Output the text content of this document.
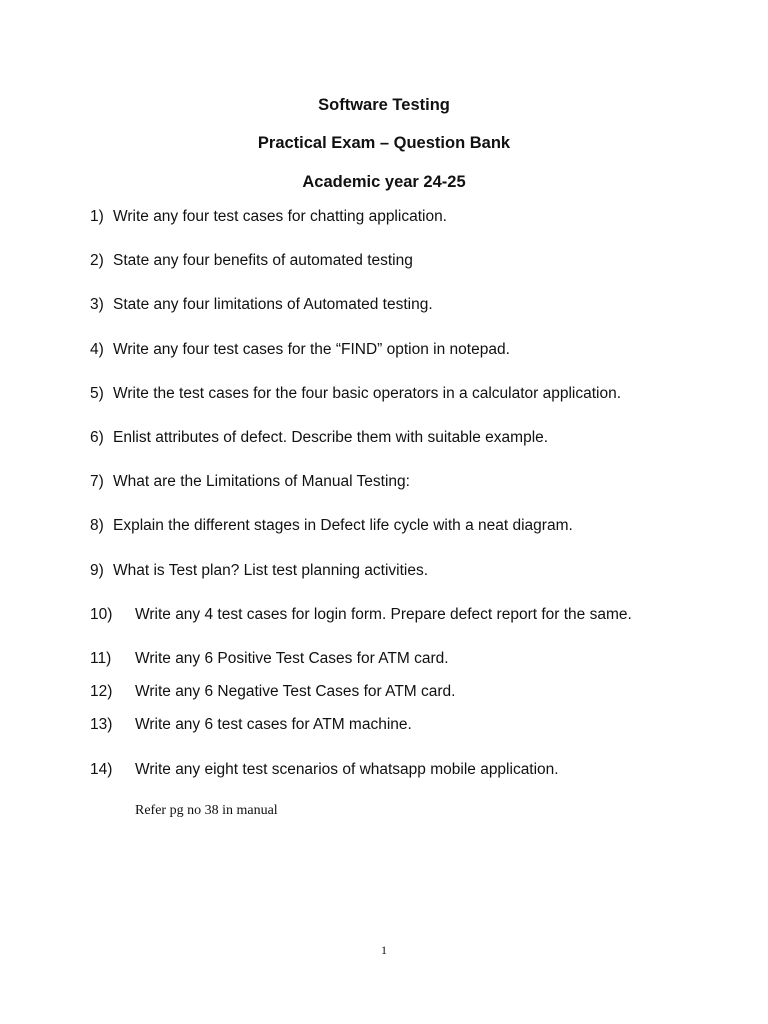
Software Testing
Practical Exam – Question Bank
Academic year 24-25
1) Write any four test cases for chatting application.
2) State any four benefits of automated testing
3) State any four limitations of Automated testing.
4) Write any four test cases for the “FIND” option in notepad.
5) Write the test cases for the four basic operators in a calculator application.
6) Enlist attributes of defect. Describe them with suitable example.
7) What are the Limitations of Manual Testing:
8) Explain the different stages in Defect life cycle with a neat diagram.
9) What is Test plan? List test planning activities.
10) Write any 4 test cases for login form. Prepare defect report for the same.
11) Write any 6 Positive Test Cases for ATM card.
12) Write any 6 Negative Test Cases for ATM card.
13) Write any 6 test cases for ATM machine.
14) Write any eight test scenarios of whatsapp mobile application.
Refer pg no 38 in manual
1
